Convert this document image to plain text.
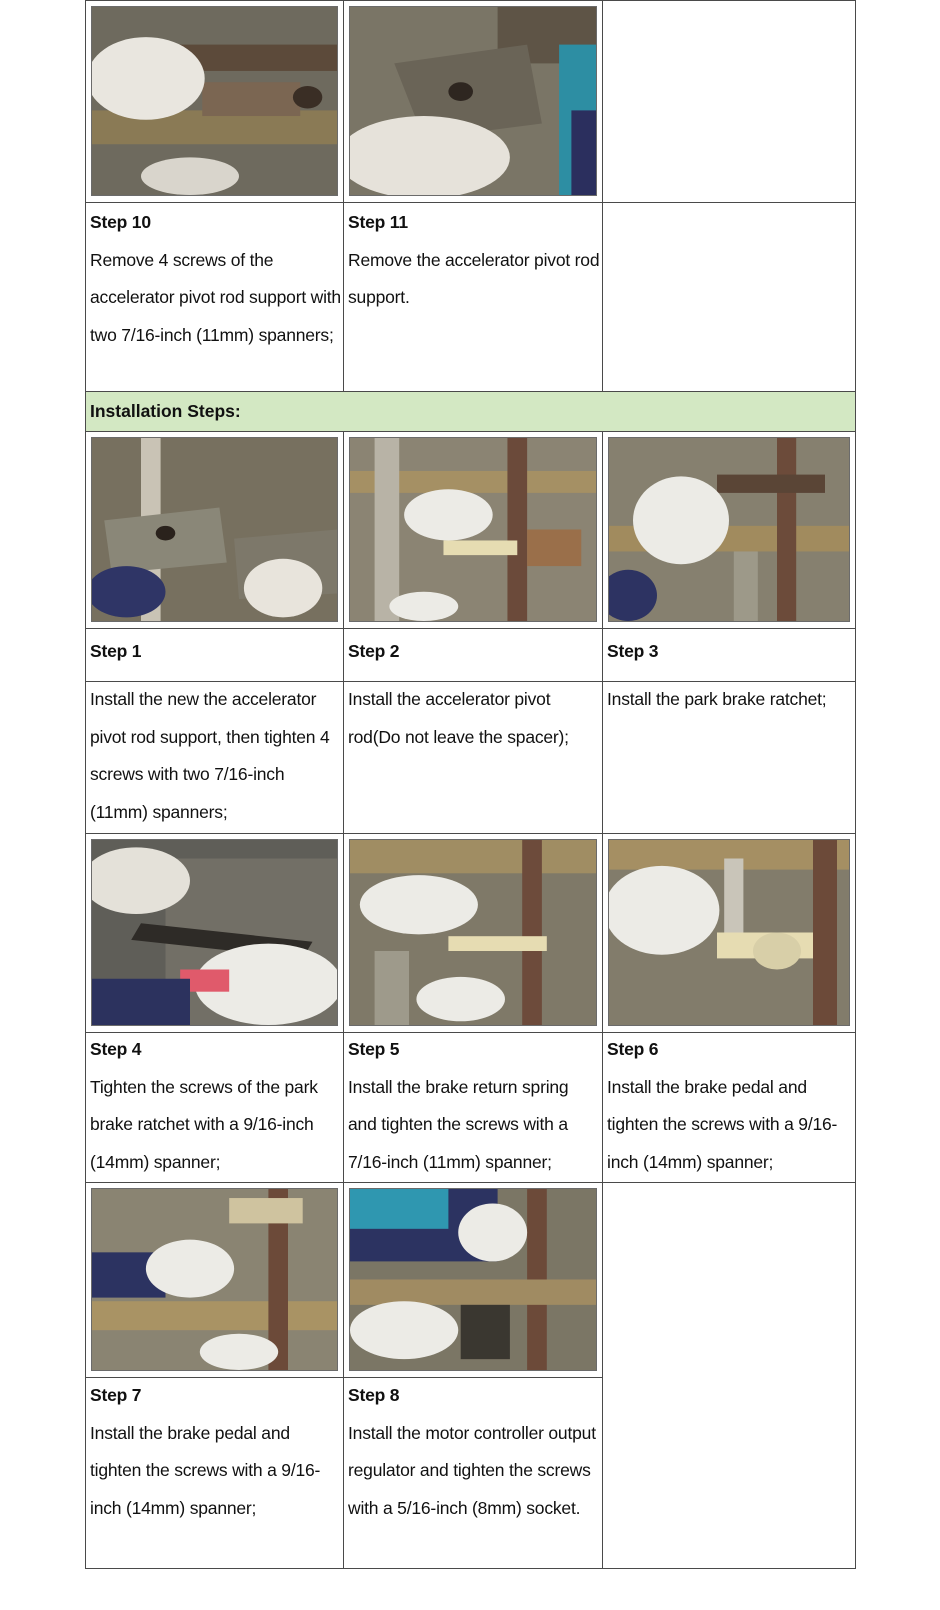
Step 10
Remove 4 screws of the accelerator pivot rod support with two 7/16-inch (11mm) spanners;
Step 11
Remove the accelerator pivot rod support.
Installation Steps:
Step 1	Step 2	Step 3
Install the new the accelerator pivot rod support, then tighten 4 screws with two 7/16-inch (11mm) spanners;
Install the accelerator pivot rod(Do not leave the spacer);
Install the park brake ratchet;
Step 4
Tighten the screws of the park brake ratchet with a 9/16-inch (14mm) spanner;
Step 5
Install the brake return spring and tighten the screws with a 7/16-inch (11mm) spanner;
Step 6
Install the brake pedal and tighten the screws with a 9/16-inch (14mm) spanner;
Step 7
Install the brake pedal and tighten the screws with a 9/16-inch (14mm) spanner;
Step 8
Install the motor controller output regulator and tighten the screws with a 5/16-inch (8mm) socket.
